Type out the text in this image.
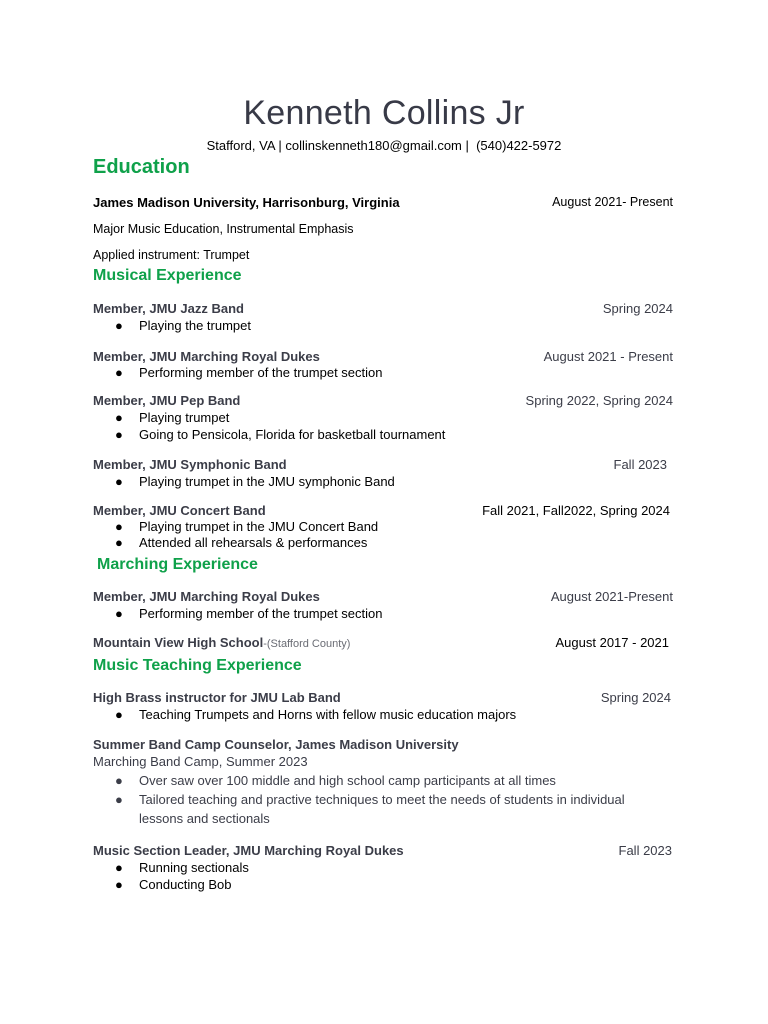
Kenneth Collins Jr
Stafford, VA | collinskenneth180@gmail.com |  (540)422-5972
Education
James Madison University, Harrisonburg, Virginia	August 2021- Present
Major Music Education, Instrumental Emphasis
Applied instrument: Trumpet
Musical Experience
Member, JMU Jazz Band	Spring 2024
● Playing the trumpet
Member, JMU Marching Royal Dukes	August 2021 - Present
● Performing member of the trumpet section
Member, JMU Pep Band	Spring 2022, Spring 2024
● Playing trumpet
● Going to Pensicola, Florida for basketball tournament
Member, JMU Symphonic Band	Fall 2023
● Playing trumpet in the JMU symphonic Band
Member, JMU Concert Band	Fall 2021, Fall2022, Spring 2024
● Playing trumpet in the JMU Concert Band
● Attended all rehearsals & performances
Marching Experience
Member, JMU Marching Royal Dukes	August 2021-Present
● Performing member of the trumpet section
Mountain View High School-(Stafford County)	August 2017 - 2021
Music Teaching Experience
High Brass instructor for JMU Lab Band	Spring 2024
● Teaching Trumpets and Horns with fellow music education majors
Summer Band Camp Counselor, James Madison University
Marching Band Camp, Summer 2023
● Over saw over 100 middle and high school camp participants at all times
● Tailored teaching and practive techniques to meet the needs of students in individual
lessons and sectionals
Music Section Leader, JMU Marching Royal Dukes	Fall 2023
● Running sectionals
● Conducting Bob
